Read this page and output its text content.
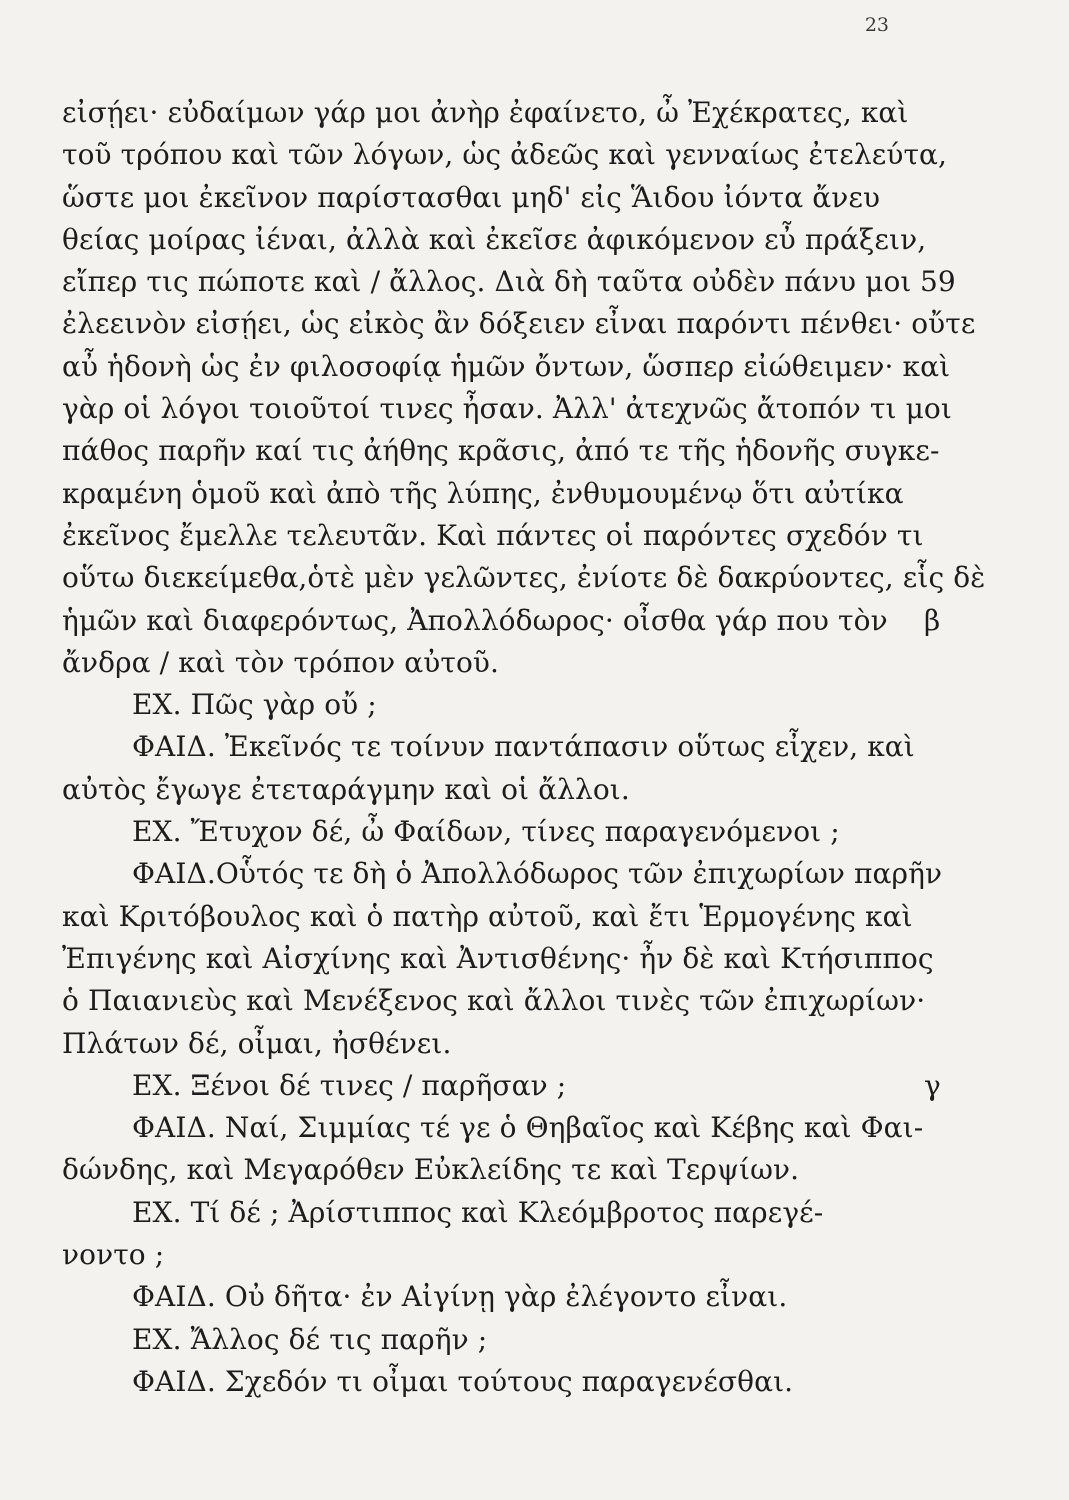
23
εἰσῄει· εὐδαίμων γάρ μοι ἀνὴρ ἐφαίνετο, ὦ Ἐχέκρατες, καὶ
τοῦ τρόπου καὶ τῶν λόγων, ὡς ἀδεῶς καὶ γενναίως ἐτελεύτα,
ὥστε μοι ἐκεῖνον παρίστασθαι μηδ' εἰς Ἅιδου ἰόντα ἄνευ
θείας μοίρας ἰέναι, ἀλλὰ καὶ ἐκεῖσε ἀφικόμενον εὖ πράξειν,
εἴπερ τις πώποτε καὶ / ἄλλος. Διὰ δὴ ταῦτα οὐδὲν πάνυ μοι 59
ἐλεεινὸν εἰσῄει, ὡς εἰκὸς ἂν δόξειεν εἶναι παρόντι πένθει· οὔτε
αὖ ἡδονὴ ὡς ἐν φιλοσοφίᾳ ἡμῶν ὄντων, ὥσπερ εἰώθειμεν· καὶ
γὰρ οἱ λόγοι τοιοῦτοί τινες ἦσαν. Ἀλλ' ἀτεχνῶς ἄτοπόν τι μοι
πάθος παρῆν καί τις ἀήθης κρᾶσις, ἀπό τε τῆς ἡδονῆς συγκε-
κραμένη ὁμοῦ καὶ ἀπὸ τῆς λύπης, ἐνθυμουμένῳ ὅτι αὐτίκα
ἐκεῖνος ἔμελλε τελευτᾶν. Καὶ πάντες οἱ παρόντες σχεδόν τι
οὕτω διεκείμεθα,ὁτὲ μὲν γελῶντες, ἐνίοτε δὲ δακρύοντες, εἷς δὲ
ἡμῶν καὶ διαφερόντως, Ἀπολλόδωρος· οἶσθα γάρ που τὸν β
ἄνδρα / καὶ τὸν τρόπον αὐτοῦ.
ΕΧ. Πῶς γὰρ οὔ ;
ΦΑΙΔ. Ἐκεῖνός τε τοίνυν παντάπασιν οὕτως εἶχεν, καὶ
αὐτὸς ἔγωγε ἐτεταράγμην καὶ οἱ ἄλλοι.
ΕΧ. Ἔτυχον δέ, ὦ Φαίδων, τίνες παραγενόμενοι ;
ΦΑΙΔ.Οὗτός τε δὴ ὁ Ἀπολλόδωρος τῶν ἐπιχωρίων παρῆν
καὶ Κριτόβουλος καὶ ὁ πατὴρ αὐτοῦ, καὶ ἔτι Ἑρμογένης καὶ
Ἐπιγένης καὶ Αἰσχίνης καὶ Ἀντισθένης· ἦν δὲ καὶ Κτήσιππος
ὁ Παιανιεὺς καὶ Μενέξενος καὶ ἄλλοι τινὲς τῶν ἐπιχωρίων·
Πλάτων δέ, οἶμαι, ἠσθένει.
ΕΧ. Ξένοι δέ τινες / παρῆσαν ;	γ
ΦΑΙΔ. Ναί, Σιμμίας τέ γε ὁ Θηβαῖος καὶ Κέβης καὶ Φαι-
δώνδης, καὶ Μεγαρόθεν Εὐκλείδης τε καὶ Τερψίων.
ΕΧ. Τί δέ ; Ἀρίστιππος καὶ Κλεόμβροτος παρεγέ-
νοντο ;
ΦΑΙΔ. Οὐ δῆτα· ἐν Αἰγίνῃ γὰρ ἐλέγοντο εἶναι.
ΕΧ. Ἄλλος δέ τις παρῆν ;
ΦΑΙΔ. Σχεδόν τι οἶμαι τούτους παραγενέσθαι.
